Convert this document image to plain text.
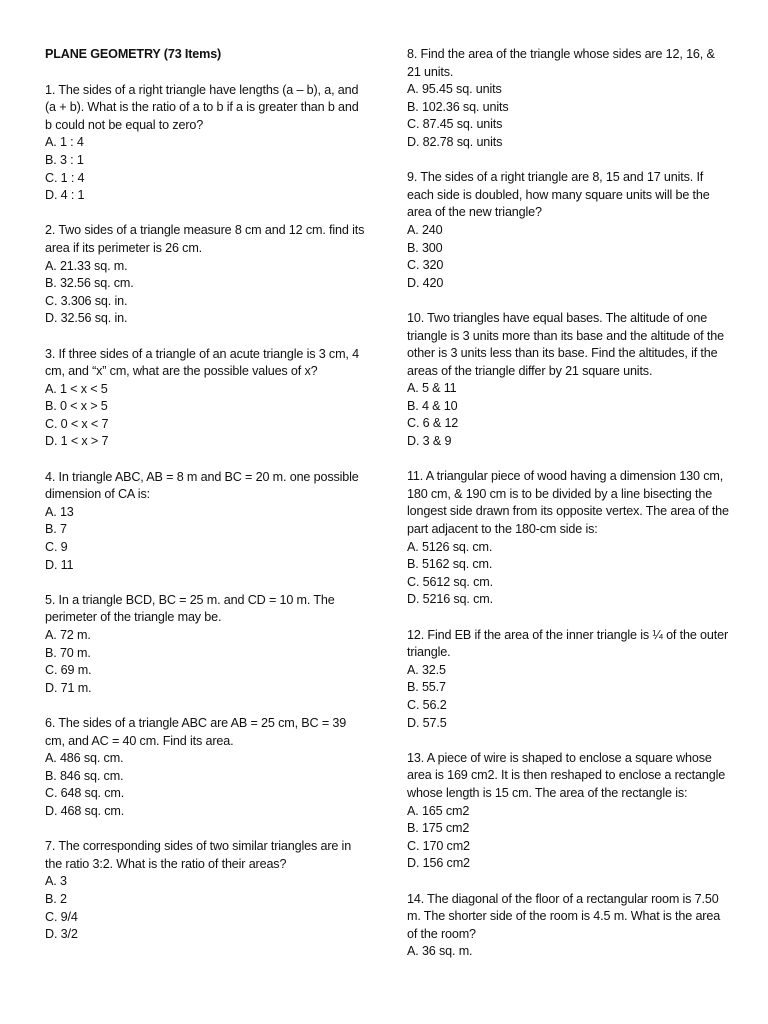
PLANE GEOMETRY (73 Items)

1. The sides of a right triangle have lengths (a – b), a, and (a + b). What is the ratio of a to b if a is greater than b and b could not be equal to zero?

A. 1 : 4
B. 3 : 1
C. 1 : 4
D. 4 : 1

2. Two sides of a triangle measure 8 cm and 12 cm. find its area if its perimeter is 26 cm.

A. 21.33 sq. m.
B. 32.56 sq. cm.
C. 3.306 sq. in.
D. 32.56 sq. in.

3. If three sides of a triangle of an acute triangle is 3 cm, 4 cm, and “x” cm, what are the possible values of x?

A. 1 < x < 5
B. 0 < x > 5
C. 0 < x < 7
D. 1 < x > 7

4. In triangle ABC, AB = 8 m and BC = 20 m. one possible dimension of CA is:

A. 13
B. 7
C. 9
D. 11

5. In a triangle BCD, BC = 25 m. and CD = 10 m. The perimeter of the triangle may be.

A. 72 m.
B. 70 m.
C. 69 m.
D. 71 m.

6. The sides of a triangle ABC are AB = 25 cm, BC = 39 cm, and AC = 40 cm. Find its area.

A. 486 sq. cm.
B. 846 sq. cm.
C. 648 sq. cm.
D. 468 sq. cm.

7. The corresponding sides of two similar triangles are in the ratio 3:2. What is the ratio of their areas?

A. 3
B. 2
C. 9/4
D. 3/2

8. Find the area of the triangle whose sides are 12, 16, & 21 units.

A. 95.45 sq. units
B. 102.36 sq. units
C. 87.45 sq. units
D. 82.78 sq. units

9. The sides of a right triangle are 8, 15 and 17 units. If each side is doubled, how many square units will be the area of the new triangle?

A. 240
B. 300
C. 320
D. 420

10. Two triangles have equal bases. The altitude of one triangle is 3 units more than its base and the altitude of the other is 3 units less than its base. Find the altitudes, if the areas of the triangle differ by 21 square units.

A. 5 & 11
B. 4 & 10
C. 6 & 12
D. 3 & 9

11. A triangular piece of wood having a dimension 130 cm, 180 cm, & 190 cm is to be divided by a line bisecting the longest side drawn from its opposite vertex. The area of the part adjacent to the 180-cm side is:

A. 5126 sq. cm.
B. 5162 sq. cm.
C. 5612 sq. cm.
D. 5216 sq. cm.

12. Find EB if the area of the inner triangle is ¼ of the outer triangle.

A. 32.5
B. 55.7
C. 56.2
D. 57.5

13. A piece of wire is shaped to enclose a square whose area is 169 cm2. It is then reshaped to enclose a rectangle whose length is 15 cm. The area of the rectangle is:

A. 165 cm2
B. 175 cm2
C. 170 cm2
D. 156 cm2

14. The diagonal of the floor of a rectangular room is 7.50 m. The shorter side of the room is 4.5 m. What is the area of the room?

A. 36 sq. m.
